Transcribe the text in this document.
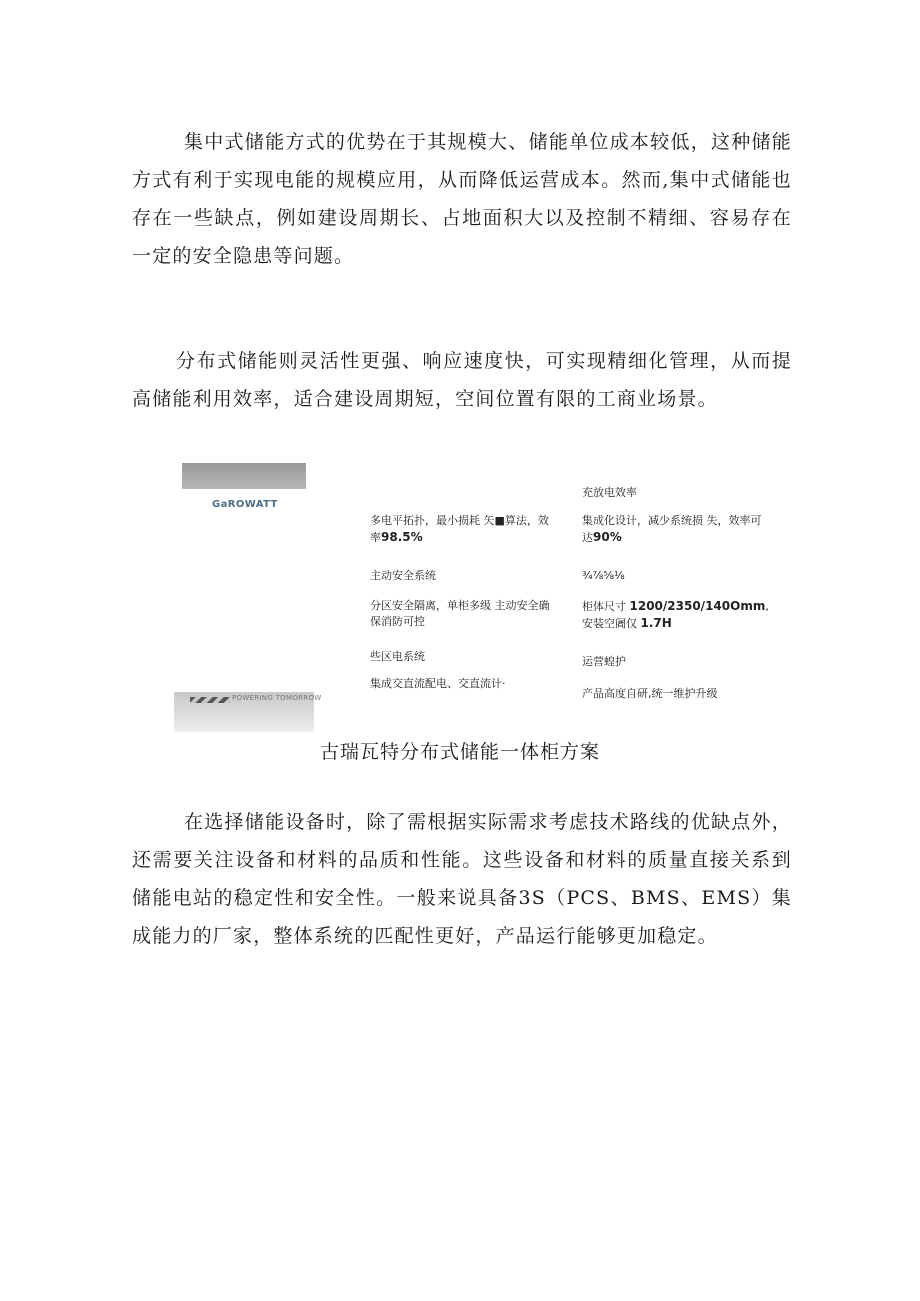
集中式储能方式的优势在于其规模大、储能单位成本较低，这种储能方式有利于实现电能的规模应用，从而降低运营成本。然而,集中式储能也存在一些缺点，例如建设周期长、占地面积大以及控制不精细、容易存在一定的安全隐患等问题。

分布式储能则灵活性更强、响应速度快，可实现精细化管理，从而提高储能利用效率，适合建设周期短，空间位置有限的工商业场景。

GaROWATT
充放电效率
多电平拓扑，最小损耗 矢■算法，效率98.5%
集成化设计，减少系统损 失，效率可达90%
主动安全系统	¾⅞⅝⅛
分区安全隔离，单柜多级 主动安全确保消防可控
柜体尺寸 1200/2350/140Omm, 安装空阇仅 1.7H
些区电系统	运营蝗护
集成交直流配电、交直流计·
产品高度自研,统一维护升级
POWERING TOMORROW

古瑞瓦特分布式储能一体柜方案

在选择储能设备时，除了需根据实际需求考虑技术路线的优缺点外，还需要关注设备和材料的品质和性能。这些设备和材料的质量直接关系到储能电站的稳定性和安全性。一般来说具备3S（PCS、BMS、EMS）集成能力的厂家，整体系统的匹配性更好，产品运行能够更加稳定。
